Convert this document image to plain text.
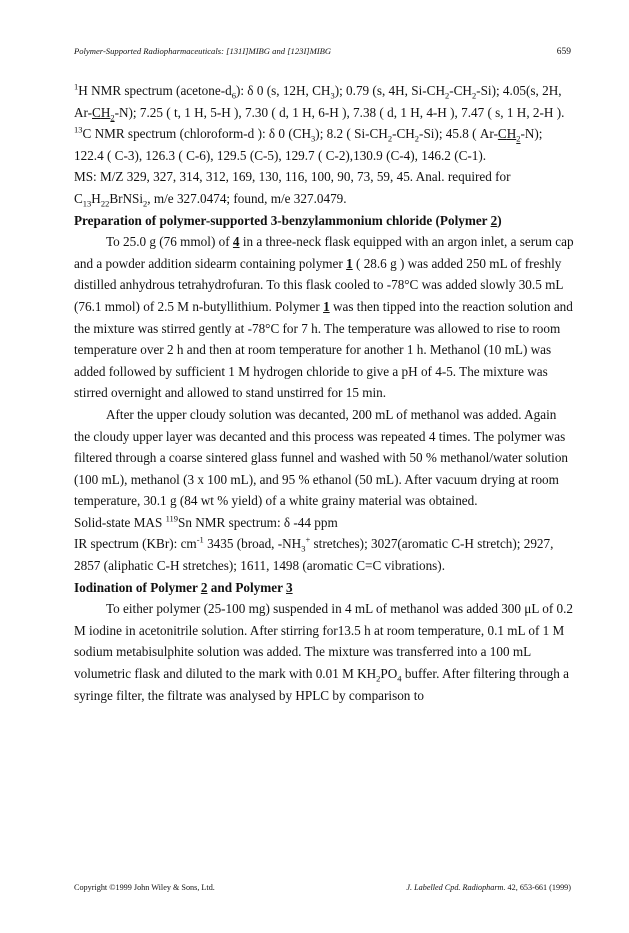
Polymer-Supported Radiopharmaceuticals: [131I]MIBG and [123I]MIBG	659

$^1$H NMR spectrum $(acetone-d_6)$: δ 0 (s, 12H, $CH_3$); 0.79 (s, 4H, $Si-CH_2-CH_2-Si$); 4.05(s, 2H, $Ar-CH_2-N$); 7.25 ( t, 1 H, 5-H ), 7.30 ( d, 1 H, 6-H ), 7.38 ( d, 1 H, 4-H ), 7.47 ( s, 1 H, 2-H ). $^{13}$C NMR spectrum (chloroform-d ): δ 0 $(CH_3)$; 8.2 ( $Si-CH_2-CH_2-Si$); 45.8 ( $Ar-CH_2-N$); 122.4 ( C-3), 126.3 ( C-6), 129.5 (C-5), 129.7 ( C-2),130.9 (C-4), 146.2 (C-1).
MS: M/Z 329, 327, 314, 312, 169, 130, 116, 100, 90, 73, 59, 45. Anal. required for
$C_{13}H_{22}BrNSi_2$, m/e 327.0474; found, m/e 327.0479.

Preparation of polymer-supported 3-benzylammonium chloride (Polymer 2)

To 25.0 g (76 mmol) of 4 in a three-neck flask equipped with an argon inlet, a serum cap and a powder addition sidearm containing polymer 1 ( 28.6 g ) was added 250 mL of freshly distilled anhydrous tetrahydrofuran. To this flask cooled to -78°C was added slowly 30.5 mL (76.1 mmol) of 2.5 M n-butyllithium. Polymer 1 was then tipped into the reaction solution and the mixture was stirred gently at -78°C for 7 h. The temperature was allowed to rise to room temperature over 2 h and then at room temperature for another 1 h. Methanol (10 mL) was added followed by sufficient 1 M hydrogen chloride to give a pH of 4-5. The mixture was stirred overnight and allowed to stand unstirred for 15 min.

After the upper cloudy solution was decanted, 200 mL of methanol was added. Again the cloudy upper layer was decanted and this process was repeated 4 times. The polymer was filtered through a coarse sintered glass funnel and washed with 50 % methanol/water solution (100 mL), methanol (3 x 100 mL), and 95 % ethanol (50 mL). After vacuum drying at room temperature, 30.1 g (84 wt % yield) of a white grainy material was obtained.

Solid-state MAS $^{119}$Sn NMR spectrum: δ -44 ppm

IR spectrum (KBr): $cm^{-1}$ 3435 (broad, $-NH_3^+$ stretches); 3027(aromatic C-H stretch); 2927, 2857 (aliphatic C-H stretches); 1611, 1498 (aromatic C=C vibrations).

Iodination of Polymer 2 and Polymer 3

To either polymer (25-100 mg) suspended in 4 mL of methanol was added 300 μL of 0.2 M iodine in acetonitrile solution. After stirring for13.5 h at room temperature, 0.1 mL of 1 M sodium metabisulphite solution was added. The mixture was transferred into a 100 mL volumetric flask and diluted to the mark with 0.01 M $KH_2PO_4$ buffer. After filtering through a syringe filter, the filtrate was analysed by HPLC by comparison to

Copyright ©1999 John Wiley & Sons, Ltd.	J. Labelled Cpd. Radiopharm. 42, 653-661 (1999)
